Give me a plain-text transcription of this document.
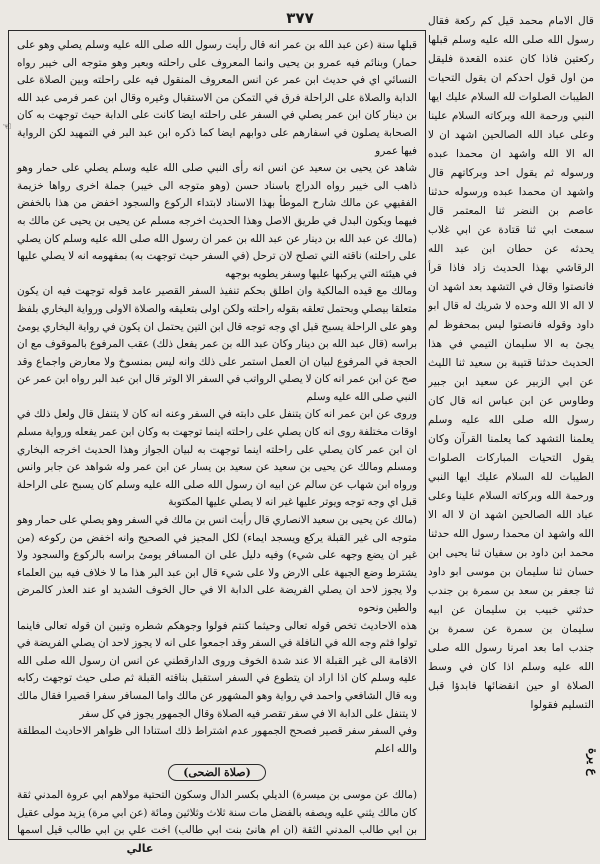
٣٧٧
☜

قبلها سنة (عن عبد الله بن عمر انه قال رأيت رسول الله صلى الله عليه وسلم يصلي وهو على حمار) وبنائم فيه عمرو بن يحيى وانما المعروف على راحلته وبعير وهو متوجه الى خيبر رواه النسائي اي في حديث ابن عمر عن انس المعروف المنقول فيه على راحلته وبين الصلاة على الدابة والصلاة على الراحلة فرق في التمكن من الاستقبال وغيره وقال ابن عمر فرمى عبد الله بن دينار كان ابن عمر يصلي في السفر على راحلته ايضا كانت على الدابة حيث توجهت به كان الصحابة يصلون في اسفارهم على دوابهم ايضا كما ذكره ابن عبد البر في التمهيد لكن الرواية فيها عمرو

شاهد عن يحيى بن سعيد عن انس انه رأى النبي صلى الله عليه وسلم يصلي على حمار وهو ذاهب الى خيبر رواه الدراج باسناد حسن (وهو متوجه الى خيبر) جملة اخرى رواها خزيمة الفقيهي عن مالك شارح الموطأ بهذا الاسناد لابتداء الركوع والسجود اخفض من هذا بالخفض فيهما ويكون البدل في طريق الاصل وهذا الحديث اخرجه مسلم عن يحيى بن يحيى عن مالك به (مالك عن عبد الله بن دينار عن عبد الله بن عمر ان رسول الله صلى الله عليه وسلم كان يصلي على راحلته) ناقته التي تصلح لان ترحل (في السفر حيث توجهت به) بمفهومه انه لا يصلي عليها في هيئته التي يركبها عليها وسفر يطويه بوجهه

ومالك مع قيده المالكية وان اطلق بحكم تنفيذ السفر القصير عامد قوله توجهت فيه ان يكون متعلقا بيصلي وبحتمل تعلقه بقوله راحلته ولكن اولى بتعليقه والصلاة الاولى ورواية البخاري بلفظ وهو على الراحلة يسبح قبل اي وجه توجه قال ابن التين يحتمل ان يكون في رواية البخاري يومئ براسه (قال عبد الله بن دينار وكان عبد الله بن عمر يفعل ذلك) عقب المرفوع بالموقوف مع ان الحجة في المرفوع لبيان ان العمل استمر على ذلك وانه ليس بمنسوخ ولا معارض واجماع وقد صح عن ابن عمر انه كان لا يصلي الرواتب في السفر الا الوتر قال ابن عبد البر رواه ابن عمر عن النبي صلى الله عليه وسلم

وروى عن ابن عمر انه كان يتنفل على دابته في السفر وعنه انه كان لا يتنفل قال ولعل ذلك في اوقات مختلفة روى انه كان يصلي على راحلته اينما توجهت به وكان ابن عمر يفعله ورواية مسلم ان ابن عمر كان يصلي على راحلته اينما توجهت به لبيان الجواز وهذا الحديث اخرجه البخاري ومسلم ومالك عن يحيى بن سعيد عن سعيد بن يسار عن ابن عمر وله شواهد عن جابر وانس ورواه ابن شهاب عن سالم عن ابيه ان رسول الله صلى الله عليه وسلم كان يسبح على الراحلة قبل اي وجه توجه ويوتر عليها غير انه لا يصلي عليها المكتوبة

(مالك عن يحيى بن سعيد الانصاري قال رأيت انس بن مالك في السفر وهو يصلي على حمار وهو متوجه الى غير القبلة يركع ويسجد ايماء) لكل المجيز في الصحيح وانه اخفض من ركوعه (من غير ان يضع وجهه على شيء) وفيه دليل على ان المسافر يومئ براسه بالركوع والسجود ولا يشترط وضع الجبهة على الارض ولا على شيء قال ابن عبد البر هذا ما لا خلاف فيه بين العلماء ولا يجوز لاحد ان يصلي الفريضة على الدابة الا في حال الخوف الشديد او عند العذر كالمرض والطين ونحوه

هذه الاحاديث تخص قوله تعالى وحيثما كنتم فولوا وجوهكم شطره وتبين ان قوله تعالى فاينما تولوا فثم وجه الله في النافلة في السفر وقد اجمعوا على انه لا يجوز لاحد ان يصلي الفريضة في الاقامة الى غير القبلة الا عند شدة الخوف وروى الدارقطني عن انس ان رسول الله صلى الله عليه وسلم كان اذا اراد ان يتطوع في السفر استقبل بناقته القبلة ثم صلى حيث توجهت ركابه وبه قال الشافعي واحمد في رواية وهو المشهور عن مالك واما المسافر سفرا قصيرا فقال مالك لا يتنفل على الدابة الا في سفر تقصر فيه الصلاة وقال الجمهور يجوز في كل سفر

وفي السفر سفر قصير فصحح الجمهور عدم اشتراط ذلك استنادا الى ظواهر الاحاديث المطلقة والله اعلم

(صلاة الضحى)

(مالك عن موسى بن ميسرة) الديلي بكسر الدال وسكون التحتية مولاهم ابي عروة المدني ثقة كان مالك يثني عليه ويصفه بالفضل مات سنة ثلاث وثلاثين ومائة (عن ابي مرة) يزيد مولى عقيل بن ابي طالب المدني الثقة (ان ام هانئ بنت ابي طالب) اخت علي بن ابي طالب قيل اسمها

قال الامام محمد قيل كم ركعة فقال رسول الله صلى الله عليه وسلم قبلها ركعتين فاذا كان عنده القعدة فليقل من اول قول احدكم ان يقول التحيات الطيبات الصلوات لله السلام عليك ايها النبي ورحمة الله وبركاته السلام علينا وعلى عباد الله الصالحين اشهد ان لا اله الا الله واشهد ان محمدا عبده ورسوله ثم يقول احد وبركاتهم قال واشهد ان محمدا عبده ورسوله حدثنا عاصم بن النضر ثنا المعتمر قال سمعت ابي ثنا قتادة عن ابي غلاب يحدثه عن حطان ابن عبد الله الرقاشي بهذا الحديث زاد فاذا قرأ فانصتوا وقال في التشهد بعد اشهد ان لا اله الا الله وحده لا شريك له قال ابو داود وقوله فانصتوا ليس بمحفوظ لم يجئ به الا سليمان التيمي في هذا الحديث حدثنا قتيبة بن سعيد ثنا الليث عن ابي الزبير عن سعيد ابن جبير وطاوس عن ابن عباس انه قال كان رسول الله صلى الله عليه وسلم يعلمنا التشهد كما يعلمنا القرآن وكان يقول التحيات المباركات الصلوات الطيبات لله السلام عليك ايها النبي ورحمة الله وبركاته السلام علينا وعلى عباد الله الصالحين اشهد ان لا اله الا الله واشهد ان محمدا رسول الله حدثنا محمد ابن داود بن سفيان ثنا يحيى ابن حسان ثنا سليمان بن موسى ابو داود ثنا جعفر بن سعد بن سمرة بن جندب حدثني خبيب بن سليمان عن ابيه سليمان بن سمرة عن سمرة بن جندب اما بعد امرنا رسول الله صلى الله عليه وسلم اذا كان في وسط الصلاة او حين انقضائها فابدؤا قبل التسليم فقولوا

ع يرة
عالي
